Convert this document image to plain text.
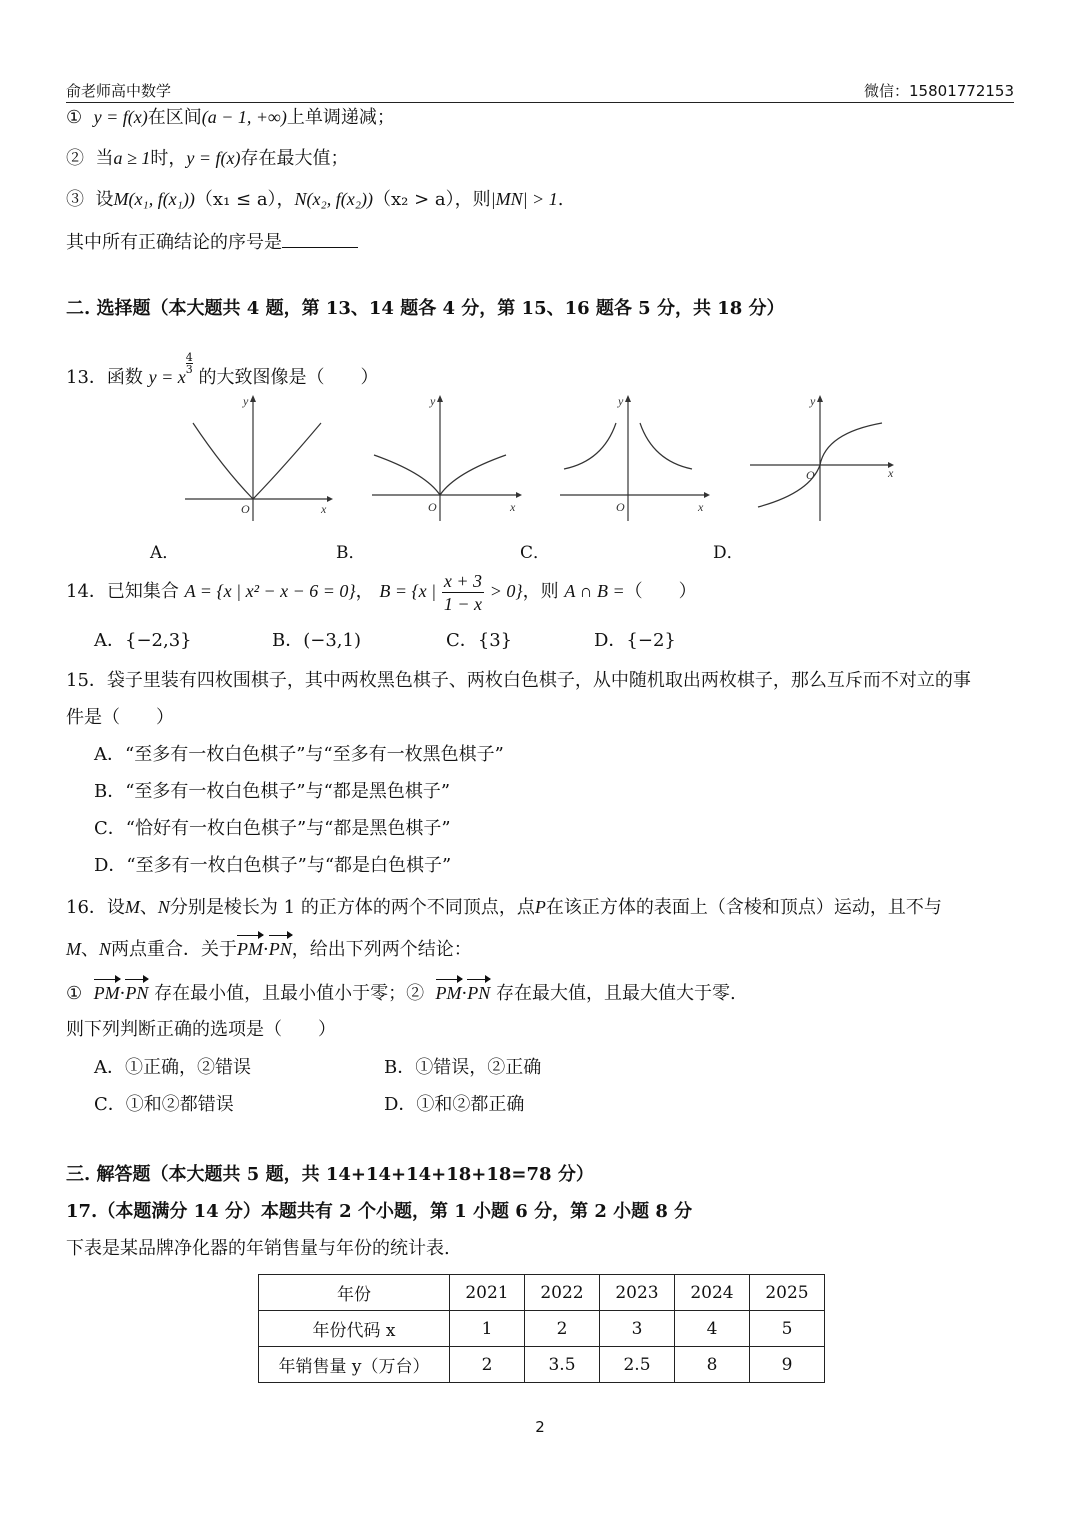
俞老师高中数学	微信：15801772153
① y = f(x)在区间(a − 1, +∞)上单调递减；
② 当a ≥ 1时，y = f(x)存在最大值；
③ 设M(x₁, f(x₁))（x₁ ≤ a），N(x₂, f(x₂))（x₂ > a），则|MN| > 1.
其中所有正确结论的序号是
二. 选择题（本大题共 4 题，第 13、14 题各 4 分，第 15、16 题各 5 分，共 18 分）
13．函数 y = x
$\frac{4}{3}$
的大致图像是（　　）
y
x
O
y
x
O
y
x
O
y
x
O
A．	B．	C．	D．
14．已知集合 A = {x | x² − x − 6 = 0}， B = {x | $\frac{x + 3}{1 - x} > 0$}，则 A ∩ B =（　　）
A．{−2,3}	B．(−3,1)	C．{3}	D．{−2}
15．袋子里装有四枚围棋子，其中两枚黑色棋子、两枚白色棋子，从中随机取出两枚棋子，那么互斥而不对立的事
件是（　　）
A．“至多有一枚白色棋子”与“至多有一枚黑色棋子”
B．“至多有一枚白色棋子”与“都是黑色棋子”
C．“恰好有一枚白色棋子”与“都是黑色棋子”
D．“至多有一枚白色棋子”与“都是白色棋子”
16．设M、N分别是棱长为 1 的正方体的两个不同顶点，点P在该正方体的表面上（含棱和顶点）运动，且不与
M、N两点重合．关于PM·PN，给出下列两个结论：
① PM·PN 存在最小值，且最小值小于零；② PM·PN 存在最大值，且最大值大于零.
则下列判断正确的选项是（　　）
A．①正确，②错误	B．①错误，②正确
C．①和②都错误	D．①和②都正确
三. 解答题（本大题共 5 题，共 14+14+14+18+18=78 分）
17.（本题满分 14 分）本题共有 2 个小题，第 1 小题 6 分，第 2 小题 8 分
下表是某品牌净化器的年销售量与年份的统计表.
年份	2021	2022	2023	2024	2025
年份代码 x	1	2	3	4	5
年销售量 y（万台）	2	3.5	2.5	8	9
2
